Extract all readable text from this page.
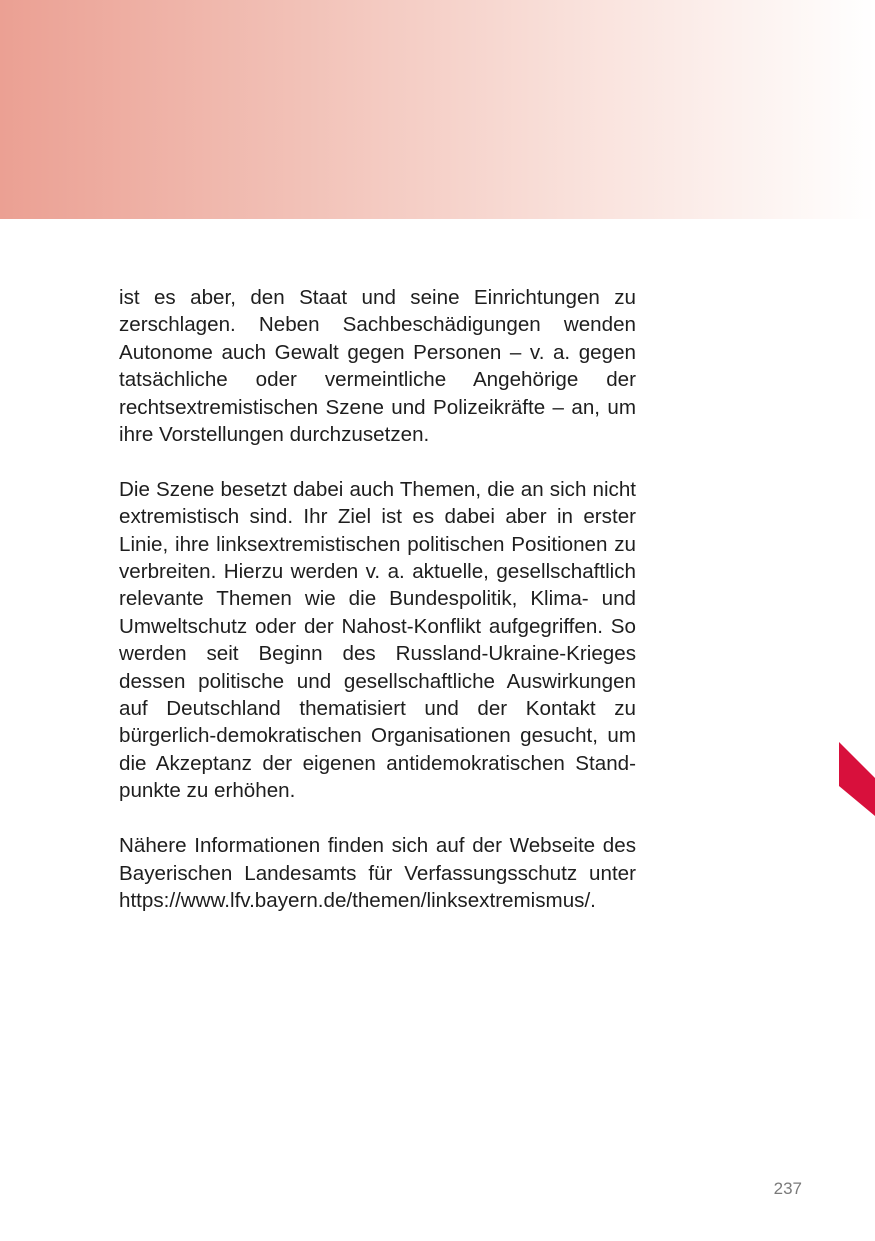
ist es aber, den Staat und seine Einrichtungen zu zerschlagen. Neben Sachbeschädigungen wenden Autonome auch Gewalt gegen Personen – v. a. gegen tatsächliche oder vermeintliche Angehörige der rechtsextremistischen Szene und Polizeikräfte – an, um ihre Vorstellungen durchzusetzen.

Die Szene besetzt dabei auch Themen, die an sich nicht extremistisch sind. Ihr Ziel ist es dabei aber in erster Linie, ihre linksextremistischen politischen Positionen zu verbreiten. Hierzu werden v. a. aktuelle, gesellschaftlich relevante Themen wie die Bundespolitik, Klima- und Umweltschutz oder der Nahost-Konflikt aufgegriffen. So werden seit Beginn des Russland-Ukraine-Krieges dessen politische und gesellschaftliche Auswirkungen auf Deutschland thematisiert und der Kontakt zu bürgerlich-demokratischen Organisationen gesucht, um die Akzeptanz der eigenen antidemokratischen Standpunkte zu erhöhen.

Nähere Informationen finden sich auf der Webseite des Bayerischen Landesamts für Verfassungsschutz unter https://www.lfv.bayern.de/themen/​linksextremismus/.

237
